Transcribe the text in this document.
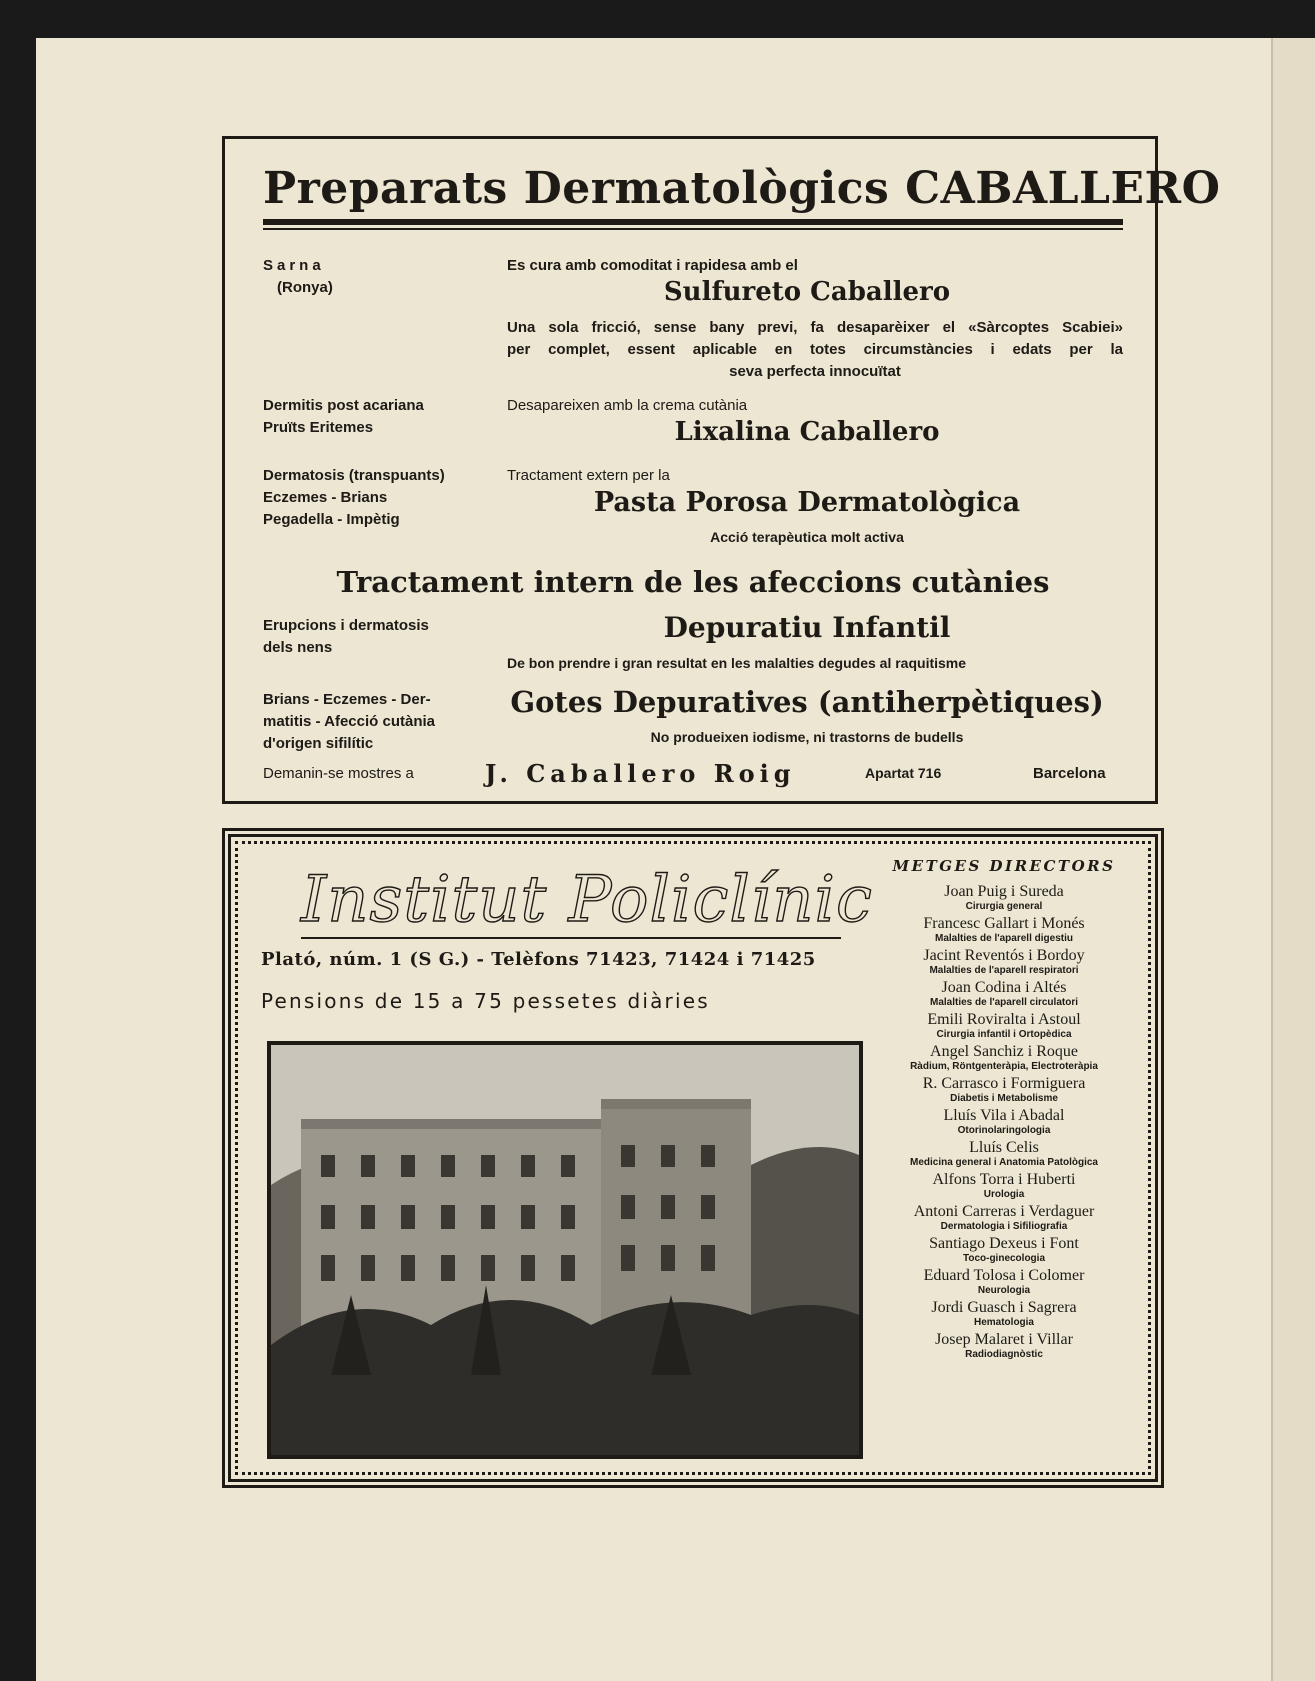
Preparats Dermatològics CABALLERO
Sarna
(Ronya)
Es cura amb comoditat i rapidesa amb el
Sulfureto Caballero
Una sola fricció, sense bany previ, fa desaparèixer el «Sàrcoptes Scabiei»
per complet, essent aplicable en totes circumstàncies i edats per la
seva perfecta innocuïtat
Dermitis post acariana
Pruïts Eritemes
Desapareixen amb la crema cutània
Lixalina Caballero
Dermatosis (transpuants)
Eczemes - Brians
Pegadella - Impètig
Tractament extern per la
Pasta Porosa Dermatològica
Acció terapèutica molt activa
Tractament intern de les afeccions cutànies
Erupcions i dermatosis
dels nens
Depuratiu Infantil
De bon prendre i gran resultat en les malalties degudes al raquitisme
Brians - Eczemes - Der-
matitis - Afecció cutània
d'origen sifilític
Gotes Depuratives (antiherpètiques)
No produeixen iodisme, ni trastorns de budells
Demanin-se mostres a	J. Caballero Roig	Apartat 716	Barcelona
Institut Policlínic
Plató, núm. 1 (S G.) - Telèfons 71423, 71424 i 71425
Pensions de 15 a 75 pessetes diàries
METGES DIRECTORS
Joan Puig i Sureda
Cirurgia general
Francesc Gallart i Monés
Malalties de l'aparell digestiu
Jacint Reventós i Bordoy
Malalties de l'aparell respiratori
Joan Codina i Altés
Malalties de l'aparell circulatori
Emili Roviralta i Astoul
Cirurgia infantil i Ortopèdica
Angel Sanchiz i Roque
Ràdium, Röntgenteràpia, Electroteràpia
R. Carrasco i Formiguera
Diabetis i Metabolisme
Lluís Vila i Abadal
Otorinolaringologia
Lluís Celis
Medicina general i Anatomia Patològica
Alfons Torra i Huberti
Urologia
Antoni Carreras i Verdaguer
Dermatologia i Sifiliografia
Santiago Dexeus i Font
Toco-ginecologia
Eduard Tolosa i Colomer
Neurologia
Jordi Guasch i Sagrera
Hematologia
Josep Malaret i Villar
Radiodiagnòstic
